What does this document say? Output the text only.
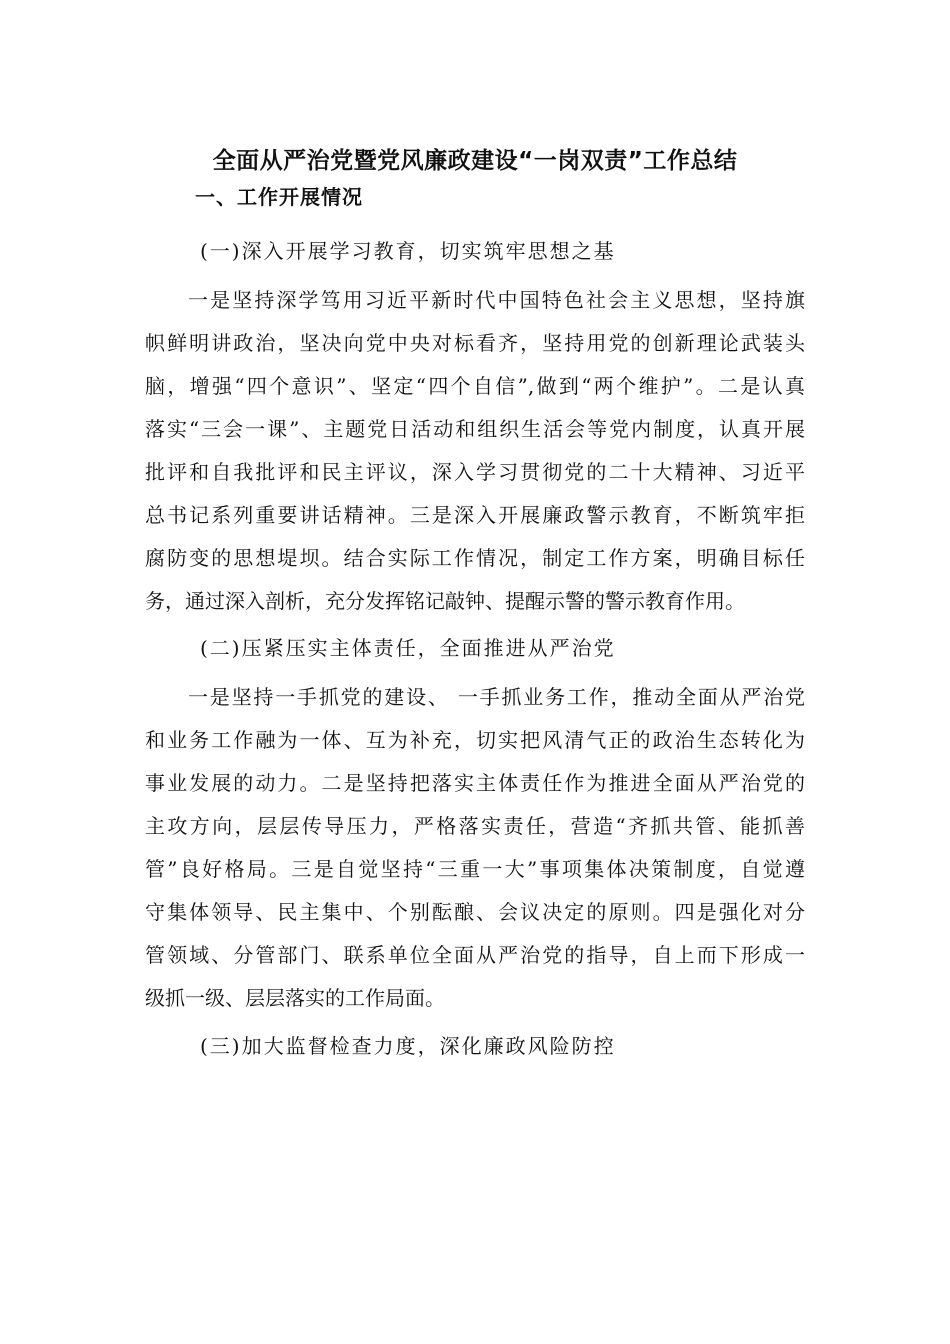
全面从严治党暨党风廉政建设“一岗双责”工作总结
一、工作开展情况
(一)深入开展学习教育，切实筑牢思想之基
一是坚持深学笃用习近平新时代中国特色社会主义思想，坚持旗
帜鲜明讲政治，坚决向党中央对标看齐，坚持用党的创新理论武装头
脑，增强“四个意识”、坚定“四个自信”,做到“两个维护”。二是认真
落实“三会一课”、主题党日活动和组织生活会等党内制度，认真开展
批评和自我批评和民主评议，深入学习贯彻党的二十大精神、习近平
总书记系列重要讲话精神。三是深入开展廉政警示教育，不断筑牢拒
腐防变的思想堤坝。结合实际工作情况，制定工作方案，明确目标任
务，通过深入剖析，充分发挥铭记敲钟、提醒示警的警示教育作用。
(二)压紧压实主体责任，全面推进从严治党
一是坚持一手抓党的建设、 一手抓业务工作，推动全面从严治党
和业务工作融为一体、互为补充，切实把风清气正的政治生态转化为
事业发展的动力。二是坚持把落实主体责任作为推进全面从严治党的
主攻方向，层层传导压力，严格落实责任，营造“齐抓共管、能抓善
管”良好格局。三是自觉坚持“三重一大”事项集体决策制度，自觉遵
守集体领导、民主集中、个别酝酿、会议决定的原则。四是强化对分
管领域、分管部门、联系单位全面从严治党的指导，自上而下形成一
级抓一级、层层落实的工作局面。
(三)加大监督检查力度，深化廉政风险防控
